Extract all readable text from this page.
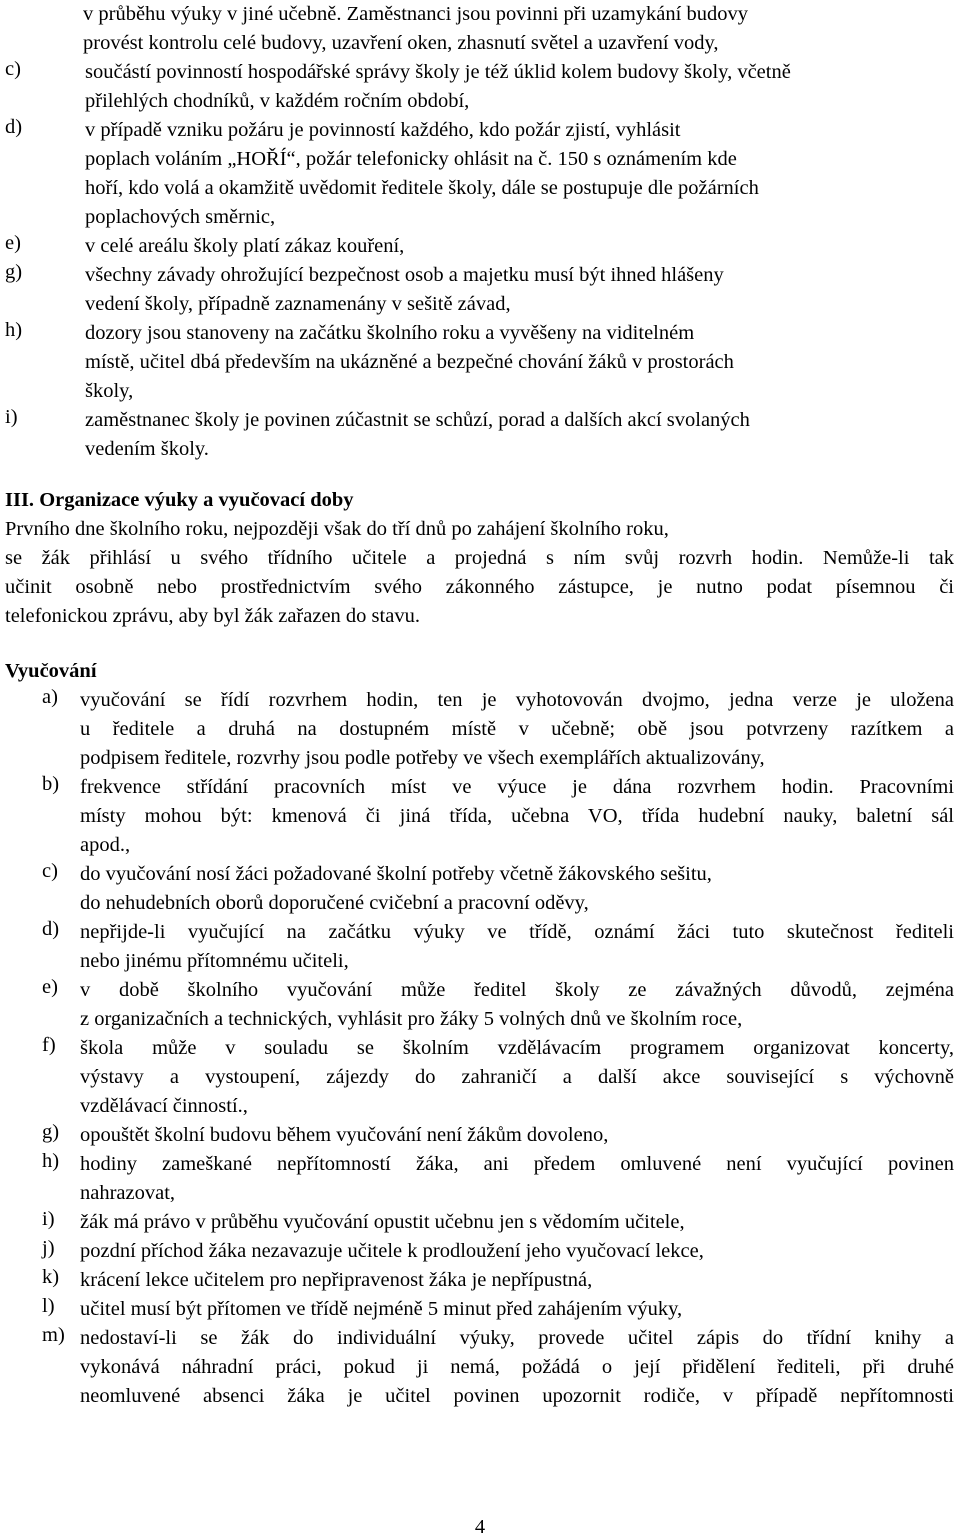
v průběhu výuky v jiné učebně. Zaměstnanci jsou povinni při uzamykání budovy
provést kontrolu celé budovy, uzavření oken, zhasnutí světel a uzavření vody,
c)	součástí povinností hospodářské správy školy je též úklid kolem budovy školy, včetně
přilehlých chodníků, v každém ročním období,
d)	v případě vzniku požáru je povinností každého, kdo požár zjistí, vyhlásit
poplach voláním „HOŘÍ“, požár telefonicky ohlásit na č. 150 s oznámením kde
hoří, kdo volá a okamžitě uvědomit ředitele školy, dále se postupuje dle požárních
poplachových směrnic,
e)	v celé areálu školy platí zákaz kouření,
g)	všechny závady ohrožující bezpečnost osob a majetku musí být ihned hlášeny
vedení školy, případně zaznamenány v sešitě závad,
h)	dozory jsou stanoveny na začátku školního roku a vyvěšeny na viditelném
místě, učitel dbá především na ukázněné a bezpečné chování žáků v prostorách
školy,
i)	zaměstnanec školy je povinen zúčastnit se schůzí, porad a dalších akcí svolaných
vedením školy.
III. Organizace výuky a vyučovací doby
Prvního dne školního roku, nejpozději však do tří dnů po zahájení školního roku,
se žák přihlásí u svého třídního učitele a projedná s ním svůj rozvrh hodin. Nemůže-li tak
učinit osobně nebo prostřednictvím svého zákonného zástupce, je nutno podat písemnou či
telefonickou zprávu, aby byl žák zařazen do stavu.
Vyučování
a) vyučování se řídí rozvrhem hodin, ten je vyhotovován dvojmo, jedna verze je uložena
u ředitele a druhá na dostupném místě v učebně; obě jsou potvrzeny razítkem a
podpisem ředitele, rozvrhy jsou podle potřeby ve všech exemplářích aktualizovány,
b) frekvence střídání pracovních míst ve výuce je dána rozvrhem hodin. Pracovními
místy mohou být: kmenová či jiná třída, učebna VO, třída hudební nauky, baletní sál
apod.,
c) do vyučování nosí žáci požadované školní potřeby včetně žákovského sešitu,
do nehudebních oborů doporučené cvičební a pracovní oděvy,
d) nepřijde-li vyučující na začátku výuky ve třídě, oznámí žáci tuto skutečnost řediteli
nebo jinému přítomnému učiteli,
e) v době školního vyučování může ředitel školy ze závažných důvodů, zejména
z organizačních a technických, vyhlásit pro žáky 5 volných dnů ve školním roce,
f) škola může v souladu se školním vzdělávacím programem organizovat koncerty,
výstavy a vystoupení, zájezdy do zahraničí a další akce související s výchovně
vzdělávací činností.,
g) opouštět školní budovu během vyučování není žákům dovoleno,
h) hodiny zameškané nepřítomností žáka, ani předem omluvené není vyučující povinen
nahrazovat,
i) žák má právo v průběhu vyučování opustit učebnu jen s vědomím učitele,
j) pozdní příchod žáka nezavazuje učitele k prodloužení jeho vyučovací lekce,
k) krácení lekce učitelem pro nepřipravenost žáka je nepřípustná,
l) učitel musí být přítomen ve třídě nejméně 5 minut před zahájením výuky,
m) nedostaví-li se žák do individuální výuky, provede učitel zápis do třídní knihy a
vykonává náhradní práci, pokud ji nemá, požádá o její přidělení řediteli, při druhé
neomluvené absenci žáka je učitel povinen upozornit rodiče, v případě nepřítomnosti
4
